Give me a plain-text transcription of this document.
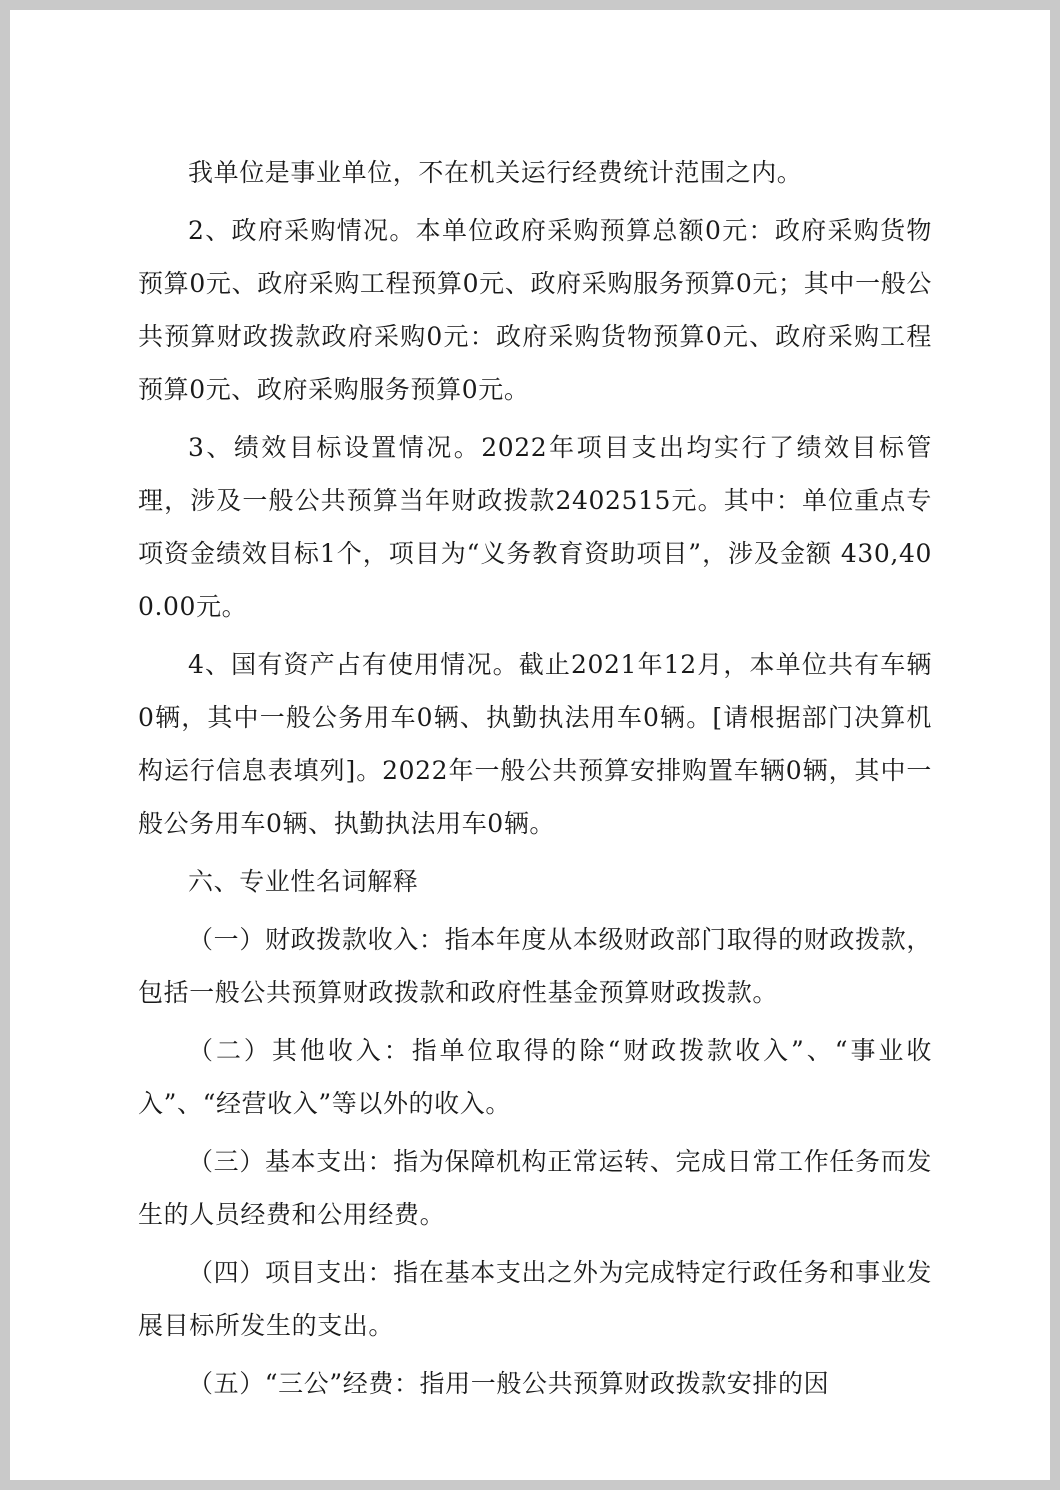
我单位是事业单位，不在机关运行经费统计范围之内。

2、政府采购情况。本单位政府采购预算总额0元：政府采购货物预算0元、政府采购工程预算0元、政府采购服务预算0元；其中一般公共预算财政拨款政府采购0元：政府采购货物预算0元、政府采购工程预算0元、政府采购服务预算0元。

3、绩效目标设置情况。2022年项目支出均实行了绩效目标管理，涉及一般公共预算当年财政拨款2402515元。其中：单位重点专项资金绩效目标1个，项目为“义务教育资助项目”，涉及金额 430,400.00元。

4、国有资产占有使用情况。截止2021年12月，本单位共有车辆0辆，其中一般公务用车0辆、执勤执法用车0辆。[请根据部门决算机构运行信息表填列]。2022年一般公共预算安排购置车辆0辆，其中一般公务用车0辆、执勤执法用车0辆。

六、专业性名词解释

（一）财政拨款收入：指本年度从本级财政部门取得的财政拨款，包括一般公共预算财政拨款和政府性基金预算财政拨款。

（二）其他收入：指单位取得的除“财政拨款收入”、“事业收入”、“经营收入”等以外的收入。

（三）基本支出：指为保障机构正常运转、完成日常工作任务而发生的人员经费和公用经费。

（四）项目支出：指在基本支出之外为完成特定行政任务和事业发展目标所发生的支出。

（五）“三公”经费：指用一般公共预算财政拨款安排的因
